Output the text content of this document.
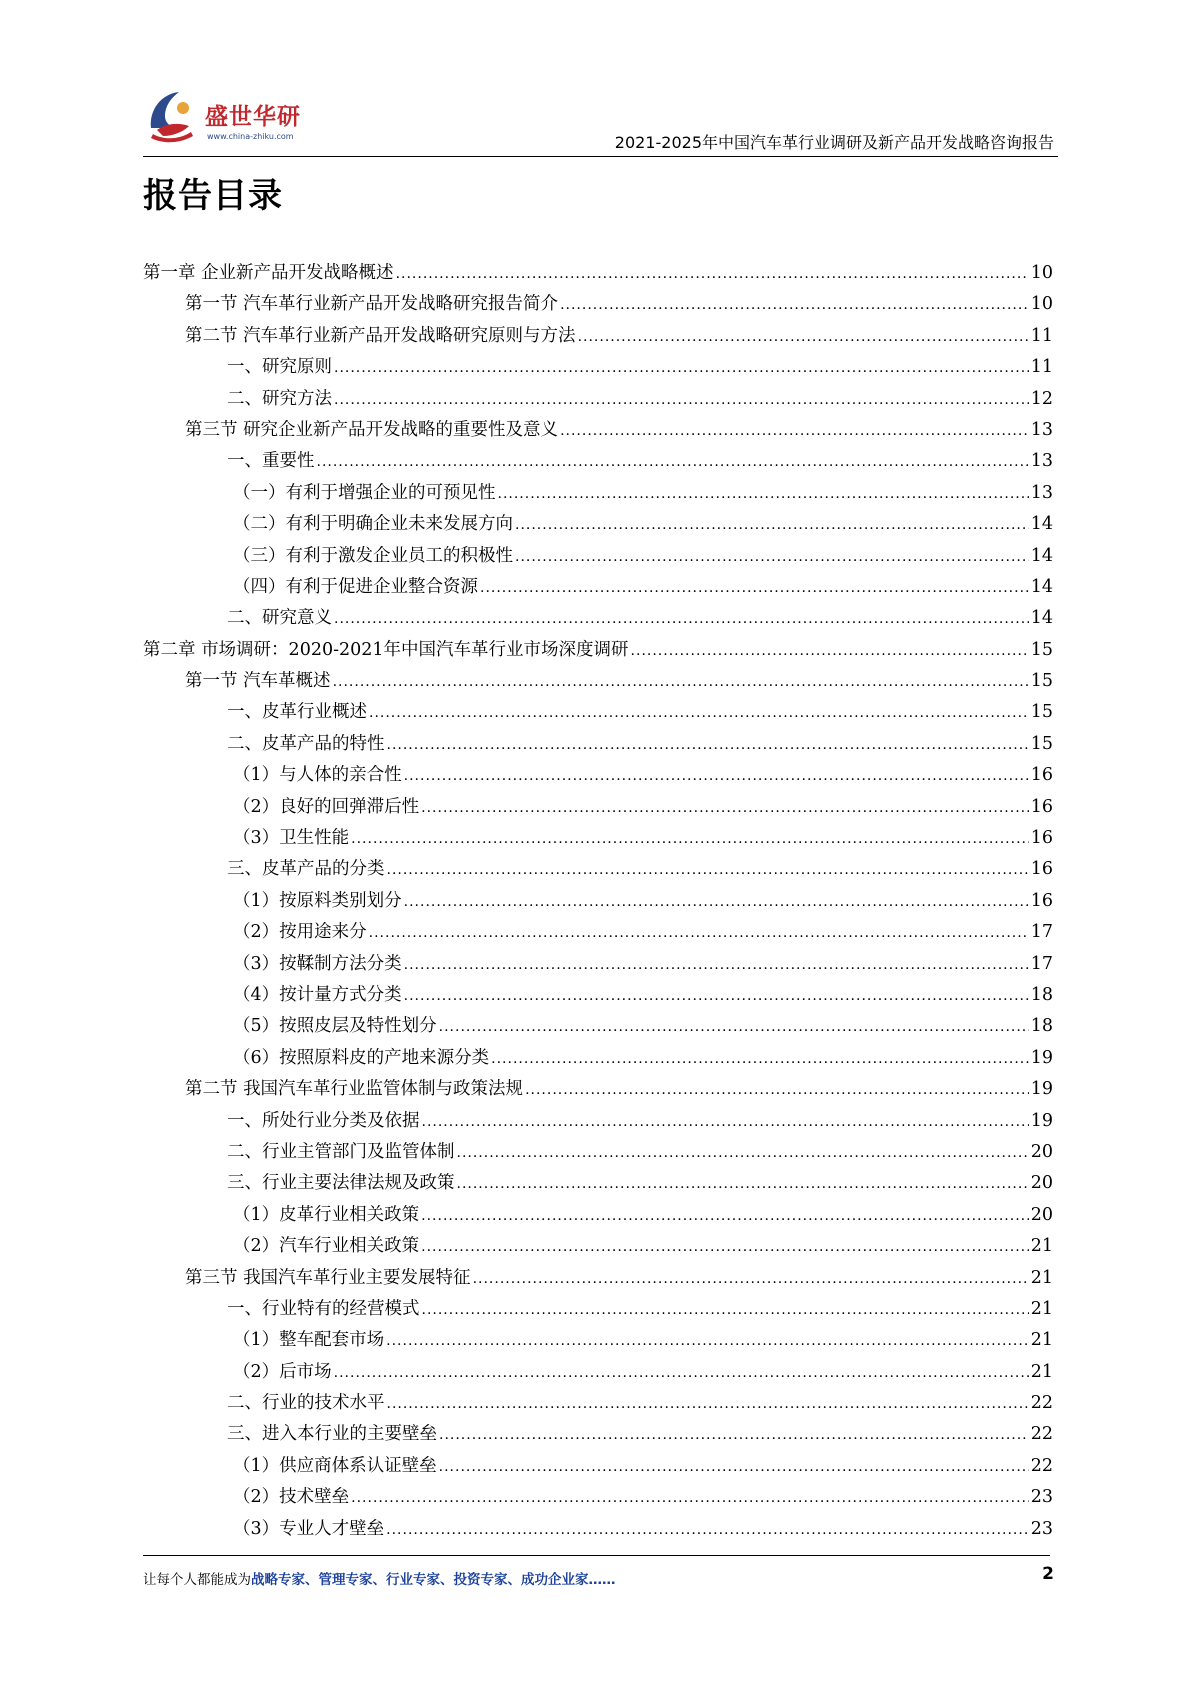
盛世华研
www.china-zhiku.com	2021-2025年中国汽车革行业调研及新产品开发战略咨询报告
报告目录
第一章 企业新产品开发战略概述 .....	10
第一节 汽车革行业新产品开发战略研究报告简介 .....	10
第二节 汽车革行业新产品开发战略研究原则与方法 .....	11
一、研究原则 .....	11
二、研究方法 .....	12
第三节 研究企业新产品开发战略的重要性及意义 .....	13
一、重要性 .....	13
（一）有利于增强企业的可预见性 .....	13
（二）有利于明确企业未来发展方向 .....	14
（三）有利于激发企业员工的积极性 .....	14
（四）有利于促进企业整合资源 .....	14
二、研究意义 .....	14
第二章 市场调研：2020-2021年中国汽车革行业市场深度调研 .....	15
第一节 汽车革概述 .....	15
一、皮革行业概述 .....	15
二、皮革产品的特性 .....	15
（1）与人体的亲合性 .....	16
（2）良好的回弹滞后性 .....	16
（3）卫生性能 .....	16
三、皮革产品的分类 .....	16
（1）按原料类别划分 .....	16
（2）按用途来分 .....	17
（3）按鞣制方法分类 .....	17
（4）按计量方式分类 .....	18
（5）按照皮层及特性划分 .....	18
（6）按照原料皮的产地来源分类 .....	19
第二节 我国汽车革行业监管体制与政策法规 .....	19
一、所处行业分类及依据 .....	19
二、行业主管部门及监管体制 .....	20
三、行业主要法律法规及政策 .....	20
（1）皮革行业相关政策 .....	20
（2）汽车行业相关政策 .....	21
第三节 我国汽车革行业主要发展特征 .....	21
一、行业特有的经营模式 .....	21
（1）整车配套市场 .....	21
（2）后市场 .....	21
二、行业的技术水平 .....	22
三、进入本行业的主要壁垒 .....	22
（1）供应商体系认证壁垒 .....	22
（2）技术壁垒 .....	23
（3）专业人才壁垒 .....	23
让每个人都能成为战略专家、管理专家、行业专家、投资专家、成功企业家……	2
